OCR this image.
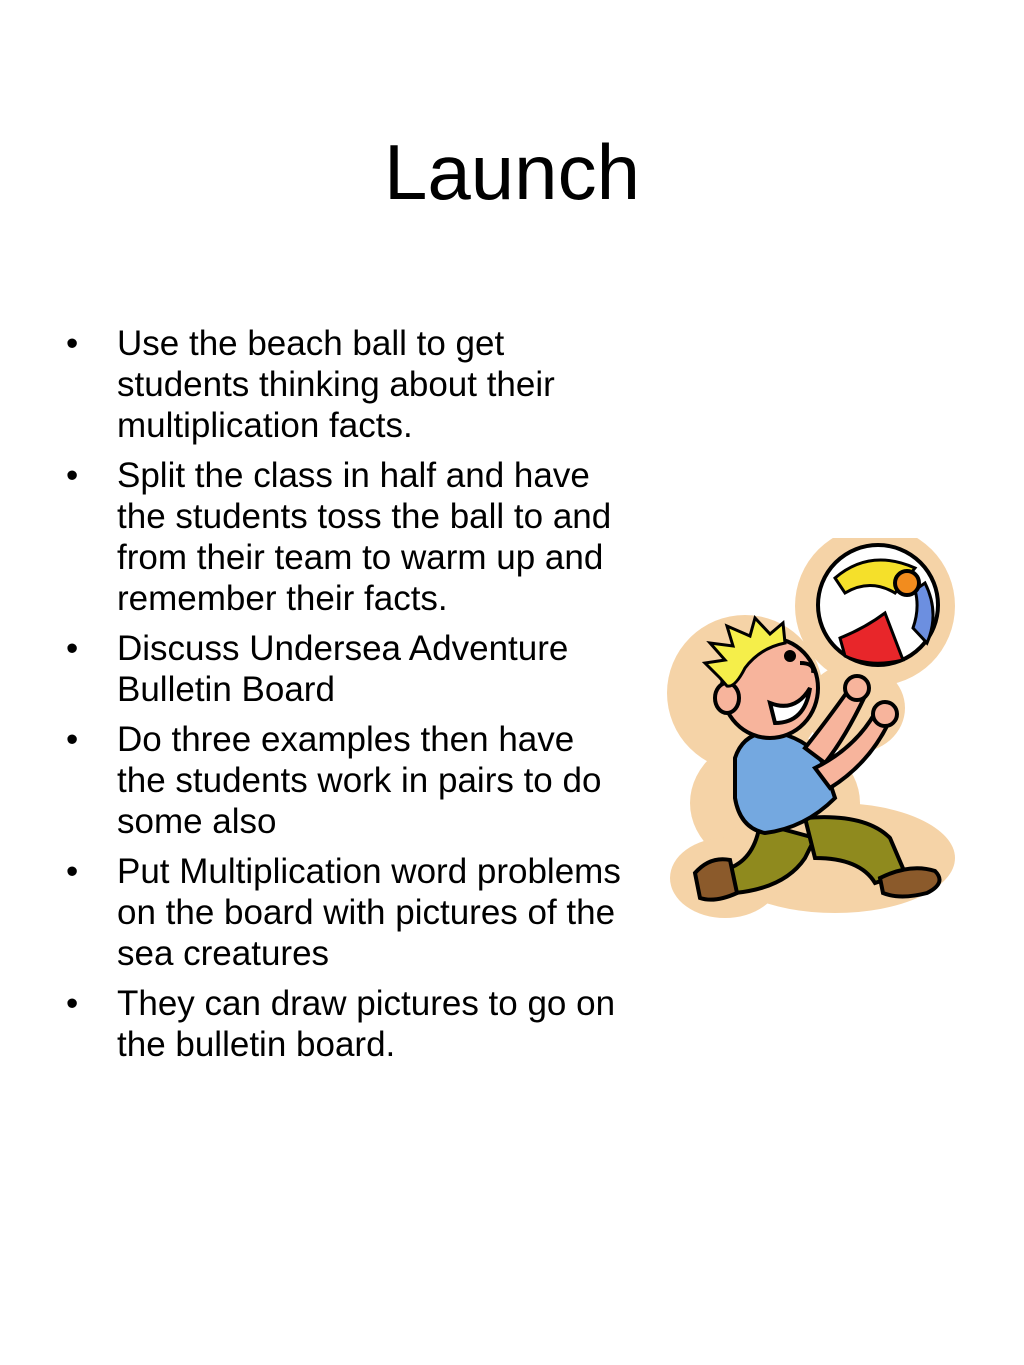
Launch
• Use the beach ball to get students thinking about their multiplication facts.
• Split the class in half and have the students toss the ball to and from their team to warm up and remember their facts.
• Discuss Undersea Adventure Bulletin Board
• Do three examples then have the students work in pairs to do some also
• Put Multiplication word problems on the board with pictures of the sea creatures
• They can draw pictures to go on the bulletin board.
